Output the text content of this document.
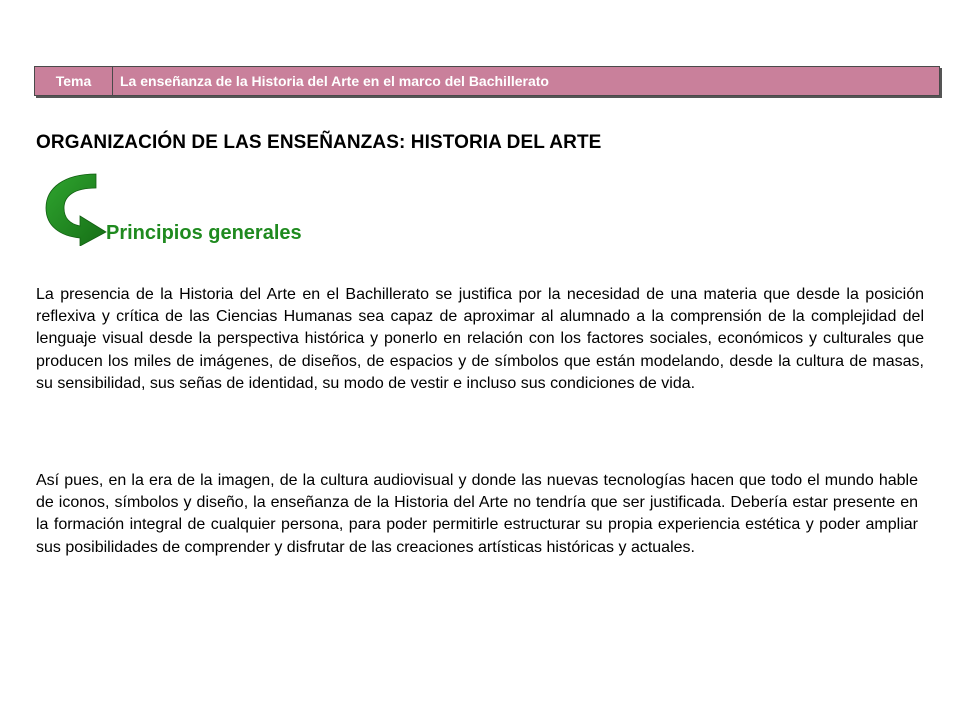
Tema	La enseñanza de la Historia del Arte en el marco del Bachillerato
ORGANIZACIÓN DE LAS ENSEÑANZAS: HISTORIA DEL ARTE
Principios generales

La presencia de la Historia del Arte en el Bachillerato se justifica por la necesidad de una materia que desde la posición reflexiva y crítica de las Ciencias Humanas sea capaz de aproximar al alumnado a la comprensión de la complejidad del lenguaje visual desde la perspectiva histórica y ponerlo en relación con los factores sociales, económicos y culturales que producen los miles de imágenes, de diseños, de espacios y de símbolos que están modelando, desde la cultura de masas, su sensibilidad, sus señas de identidad, su modo de vestir e incluso sus condiciones de vida.

Así pues, en la era de la imagen, de la cultura audiovisual y donde las nuevas tecnologías hacen que todo el mundo hable de iconos, símbolos y diseño, la enseñanza de la Historia del Arte no tendría que ser justificada. Debería estar presente en la formación integral de cualquier persona, para poder permitirle estructurar su propia experiencia estética y poder ampliar sus posibilidades de comprender y disfrutar de las creaciones artísticas históricas y actuales.
